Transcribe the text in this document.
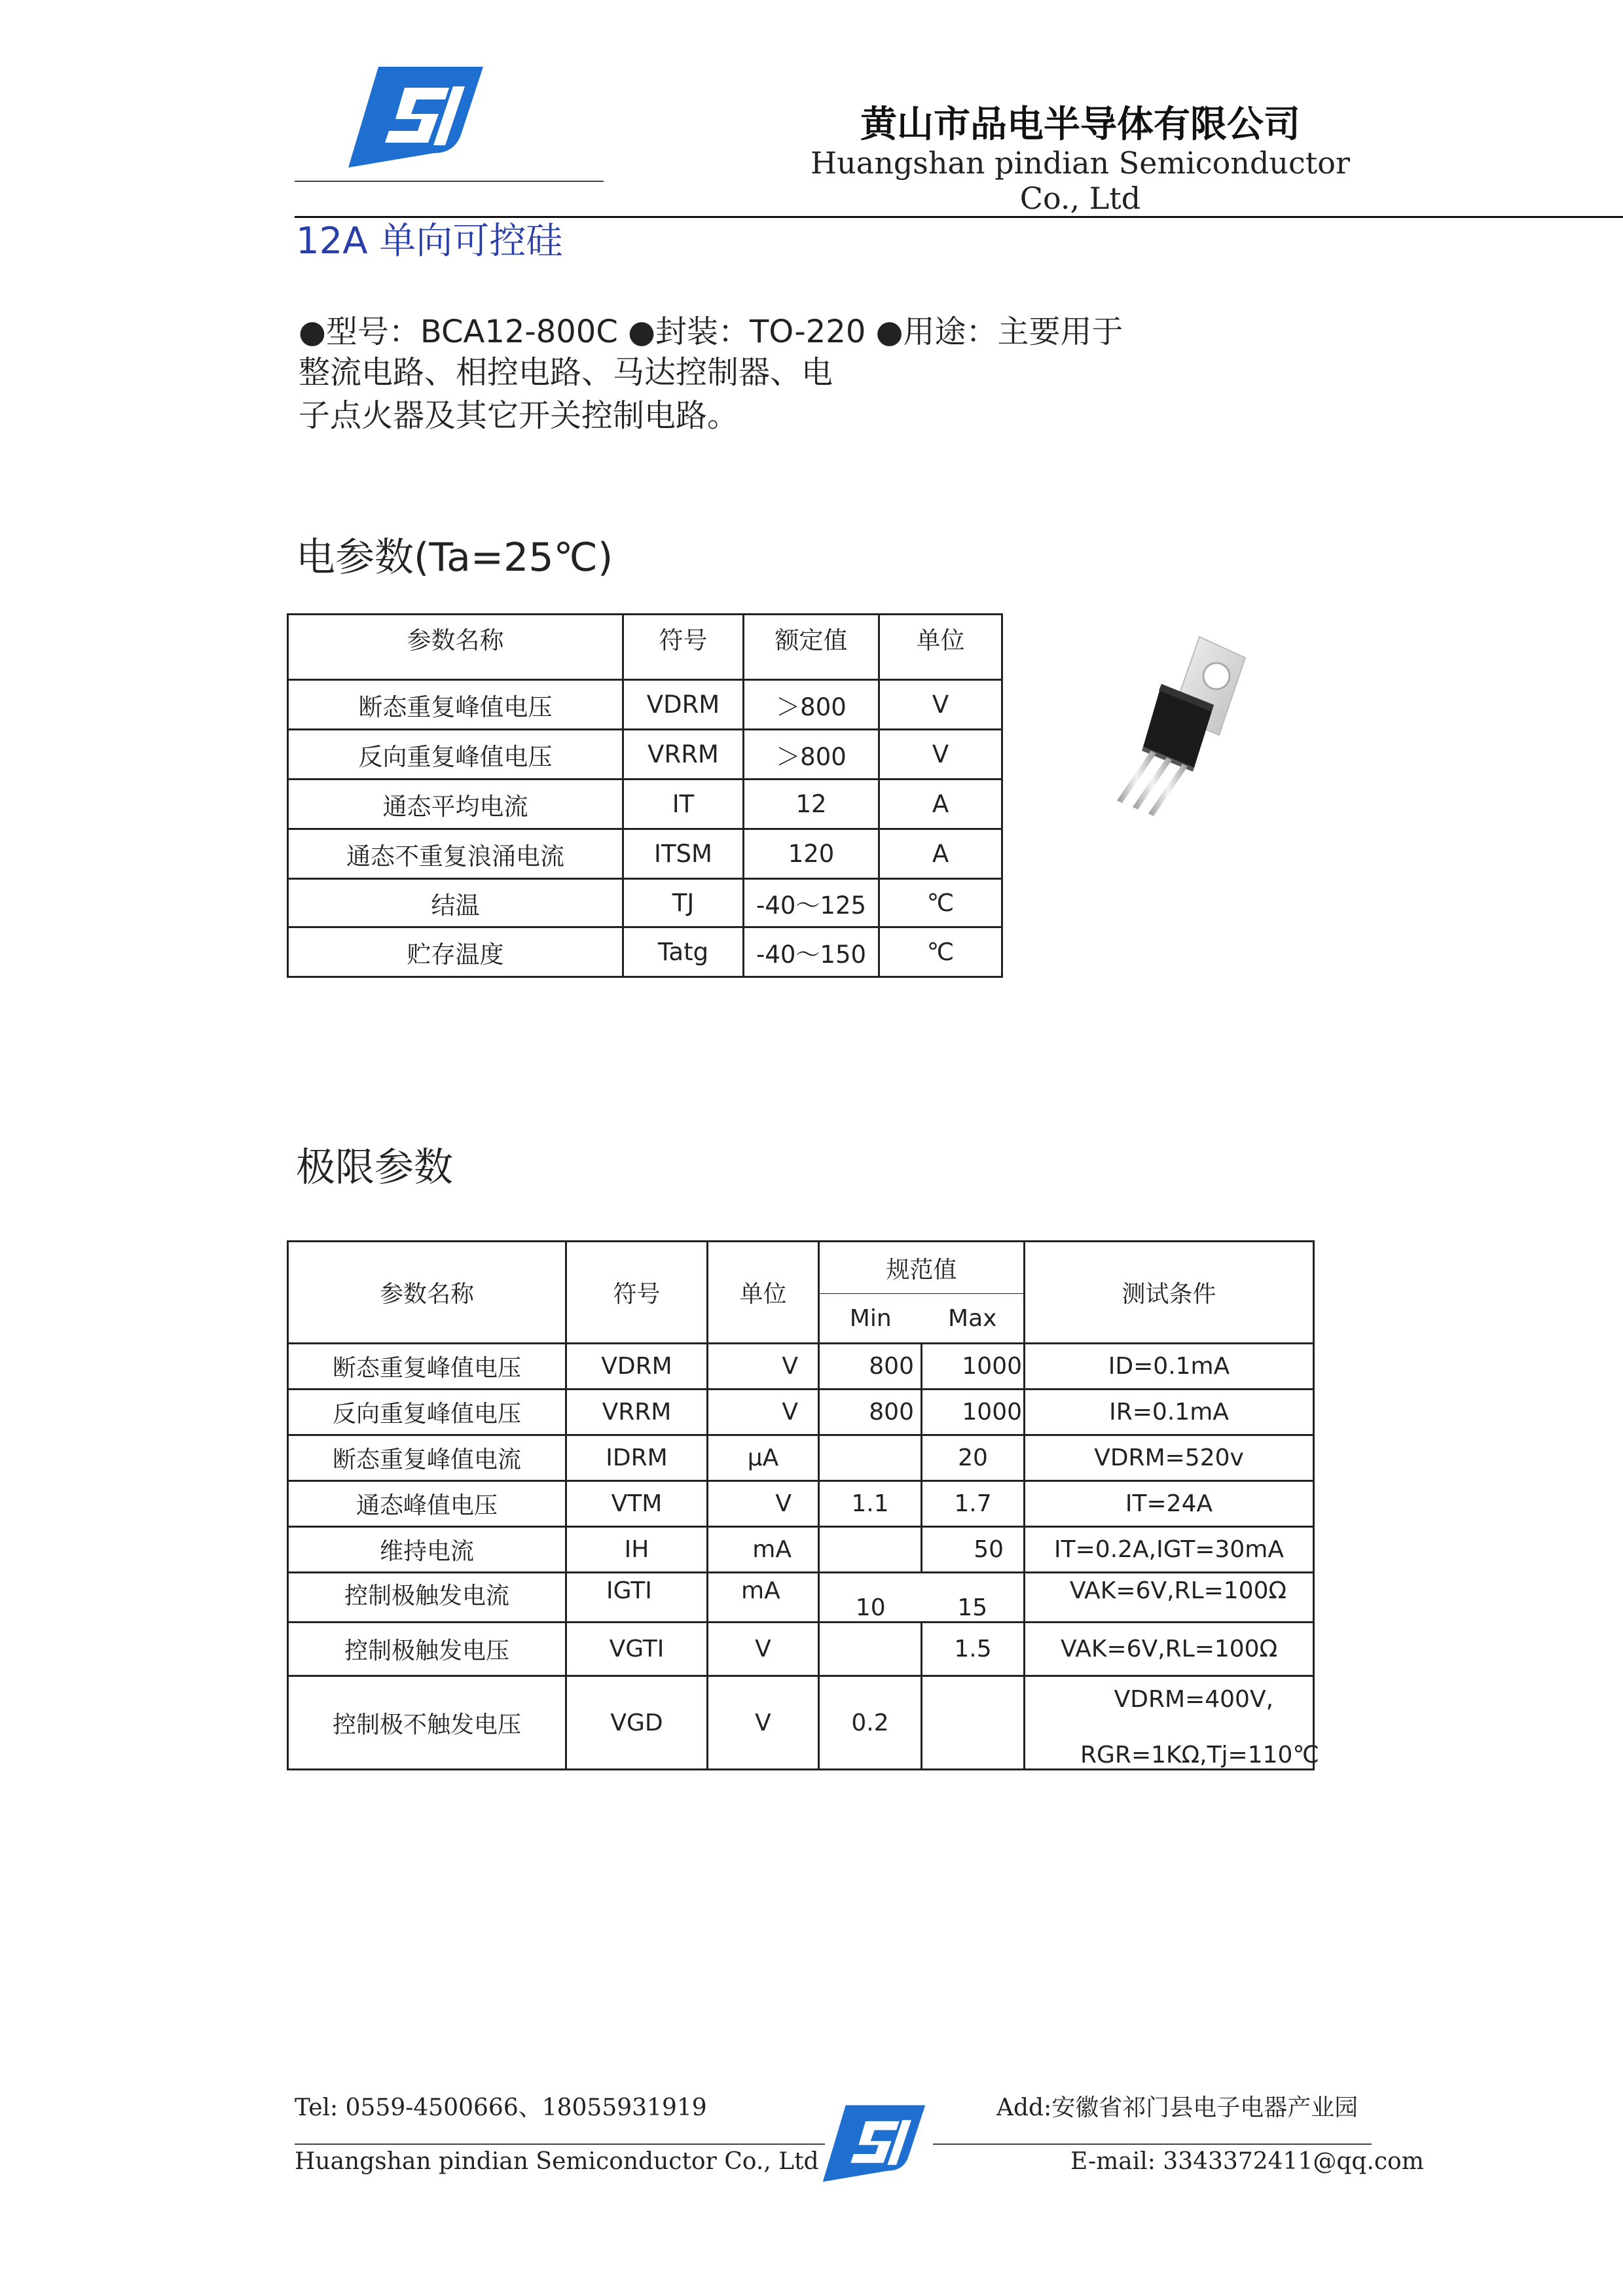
黄山市品电半导体有限公司
Huangshan pindian Semiconductor Co., Ltd
12A 单向可控硅
●型号：BCA12-800C ●封装：TO-220 ●用途：主要用于
整流电路、相控电路、马达控制器、电
子点火器及其它开关控制电路。
电参数(Ta=25℃)
参数名称	符号	额定值	单位
断态重复峰值电压	VDRM	＞800	V
反向重复峰值电压	VRRM	＞800	V
通态平均电流	IT	12	A
通态不重复浪涌电流	ITSM	120	A
结温	TJ	-40～125	℃
贮存温度	Tatg	-40～150	℃
极限参数
参数名称	符号	单位	规范值		测试条件
			Min	Max	
断态重复峰值电压	VDRM	V	800	1000	ID=0.1mA
反向重复峰值电压	VRRM	V	800	1000	IR=0.1mA
断态重复峰值电流	IDRM	μA		20	VDRM=520v
通态峰值电压	VTM	V	1.1	1.7	IT=24A
维持电流	IH	mA		50	IT=0.2A,IGT=30mA
控制极触发电流	IGTI	mA	10	15	VAK=6V,RL=100Ω
控制极触发电压	VGTI	V		1.5	VAK=6V,RL=100Ω
控制极不触发电压	VGD	V	0.2		VDRM=400V,
RGR=1KΩ,Tj=110℃
Tel: 0559-4500666、18055931919	Add:安徽省祁门县电子电器产业园
Huangshan pindian Semiconductor Co., Ltd	E-mail: 3343372411@qq.com
